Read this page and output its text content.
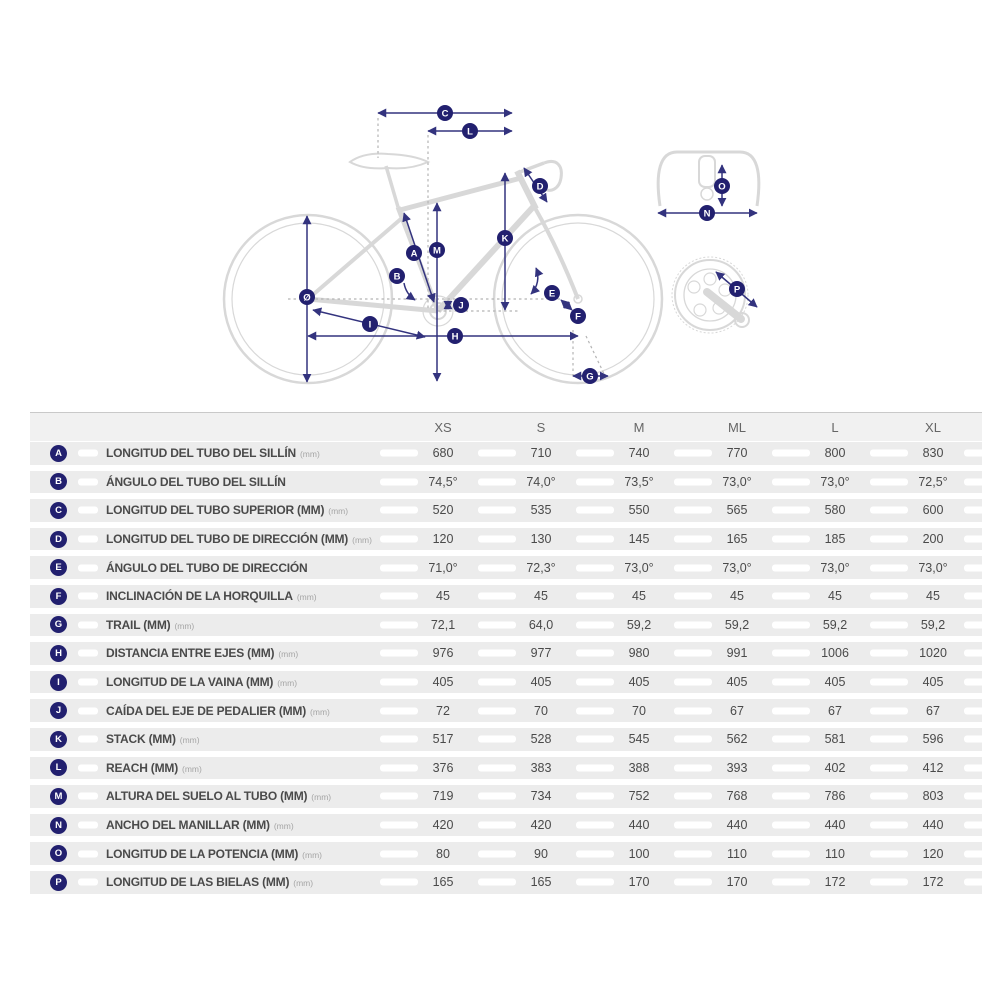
C
L
D
A
B
M
K
Ø
I
J
H
E
F
G
O
N
P
XS	S	M	ML	L	XL
A	LONGITUD DEL TUBO DEL SILLÍN (mm)	680	710	740	770	800	830
B	ÁNGULO DEL TUBO DEL SILLÍN	74,5°	74,0°	73,5°	73,0°	73,0°	72,5°
C	LONGITUD DEL TUBO SUPERIOR (MM) (mm)	520	535	550	565	580	600
D	LONGITUD DEL TUBO DE DIRECCIÓN (MM) (mm)	120	130	145	165	185	200
E	ÁNGULO DEL TUBO DE DIRECCIÓN	71,0°	72,3°	73,0°	73,0°	73,0°	73,0°
F	INCLINACIÓN DE LA HORQUILLA (mm)	45	45	45	45	45	45
G	TRAIL (MM) (mm)	72,1	64,0	59,2	59,2	59,2	59,2
H	DISTANCIA ENTRE EJES (MM) (mm)	976	977	980	991	1006	1020
I	LONGITUD DE LA VAINA (MM) (mm)	405	405	405	405	405	405
J	CAÍDA DEL EJE DE PEDALIER (MM) (mm)	72	70	70	67	67	67
K	STACK (MM) (mm)	517	528	545	562	581	596
L	REACH (MM) (mm)	376	383	388	393	402	412
M	ALTURA DEL SUELO AL TUBO (MM) (mm)	719	734	752	768	786	803
N	ANCHO DEL MANILLAR (MM) (mm)	420	420	440	440	440	440
O	LONGITUD DE LA POTENCIA (MM) (mm)	80	90	100	110	110	120
P	LONGITUD DE LAS BIELAS (MM) (mm)	165	165	170	170	172	172
